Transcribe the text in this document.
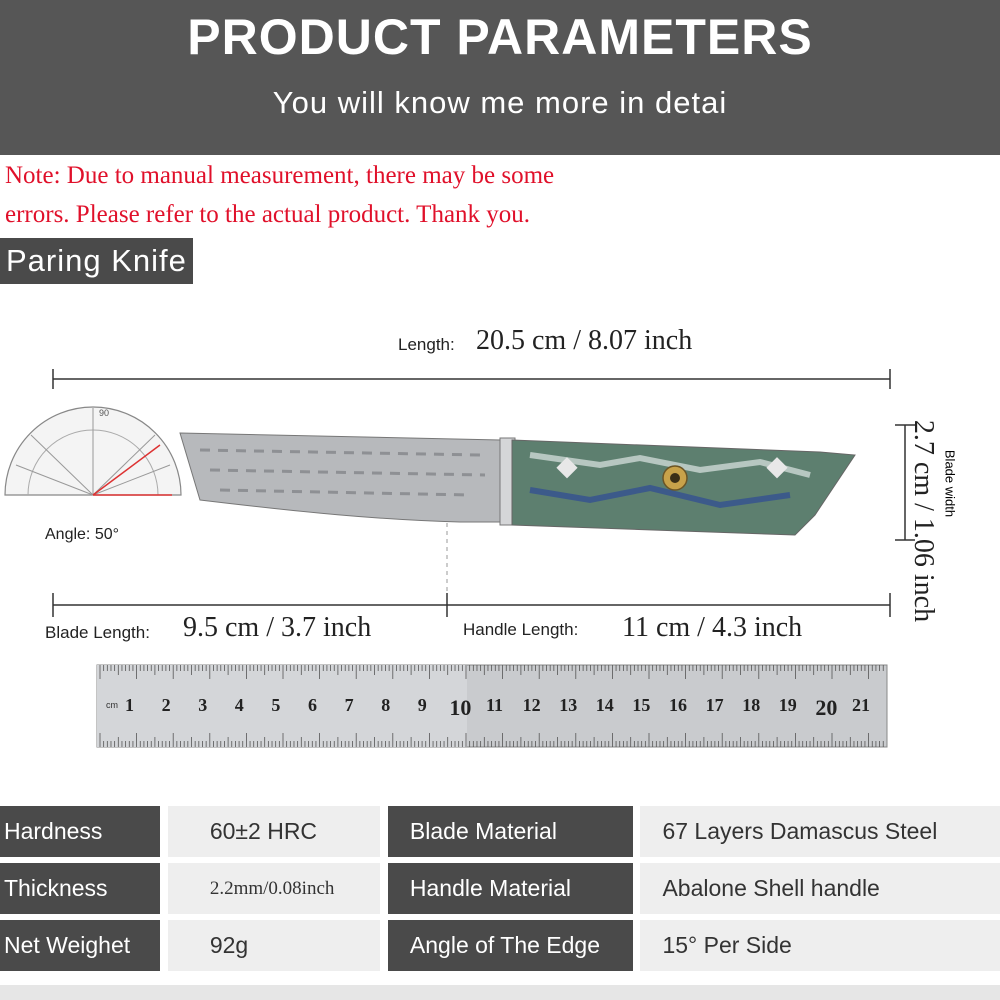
PRODUCT PARAMETERS
You will know me more in detai
Note: Due to manual measurement, there may be some
errors. Please refer to the actual product. Thank you.
Paring Knife
90
Length: 20.5 cm / 8.07 inch
Angle: 50°
Blade Length: 9.5 cm / 3.7 inch	Handle Length: 11 cm / 4.3 inch
2.7 cm / 1.06 inch Blade width
cm 1 2 3 4 5 6 7 8 9 10 11 12 13 14 15 16 17 18 19 20 21
Hardness		60±2 HRC		Blade Material		67 Layers Damascus Steel
Thickness		2.2mm/0.08inch		Handle Material		Abalone Shell handle
Net Weighet		92g		Angle of The Edge		15° Per Side
